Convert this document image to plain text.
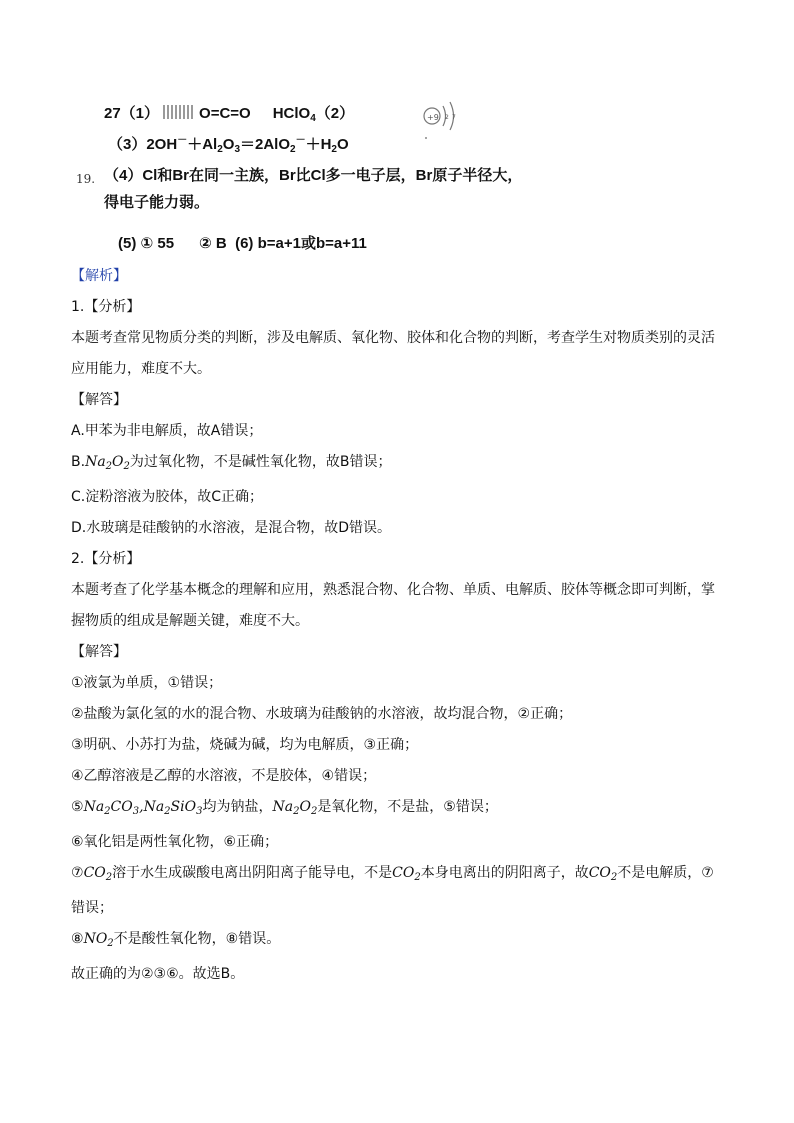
27（1）	O=C=O HClO$_4$（2）	+9 2 7
$(3)2OH^-+Al_2O_3=2AlO_2^-+H_2O$
19. （4）Cl和Br在同一主族，Br比Cl多一电子层，Br原子半径大，
得电子能力弱。
(5) ① 55      ② B  (6) b=a+1或b=a+11
【解析】
1.【分析】
本题考查常见物质分类的判断，涉及电解质、氧化物、胶体和化合物的判断，考查学生对物质类别的灵活
应用能力，难度不大。
【解答】
A.甲苯为非电解质，故A错误；
$B.Na_2O_2$为过氧化物，不是碱性氧化物，故B错误；
C.淀粉溶液为胶体，故C正确；
D.水玻璃是硅酸钠的水溶液，是混合物，故D错误。
2.【分析】
本题考查了化学基本概念的理解和应用，熟悉混合物、化合物、单质、电解质、胶体等概念即可判断，掌
握物质的组成是解题关键，难度不大。
【解答】
①液氯为单质，①错误；
②盐酸为氯化氢的水的混合物、水玻璃为硅酸钠的水溶液，故均混合物，②正确；
③明矾、小苏打为盐，烧碱为碱，均为电解质，③正确；
④乙醇溶液是乙醇的水溶液，不是胶体，④错误；
$⑤Na_2CO_3,Na_2SiO_3$均为钠盐，$Na_2O_2$是氧化物，不是盐，⑤错误；
⑥氧化铝是两性氧化物，⑥正确；
$⑦CO_2$溶于水生成碳酸电离出阴阳离子能导电，不是$CO_2$本身电离出的阴阳离子，故$CO_2$不是电解质，⑦
错误；
$⑧NO_2$不是酸性氧化物，⑧错误。
故正确的为②③⑥。故选B。
